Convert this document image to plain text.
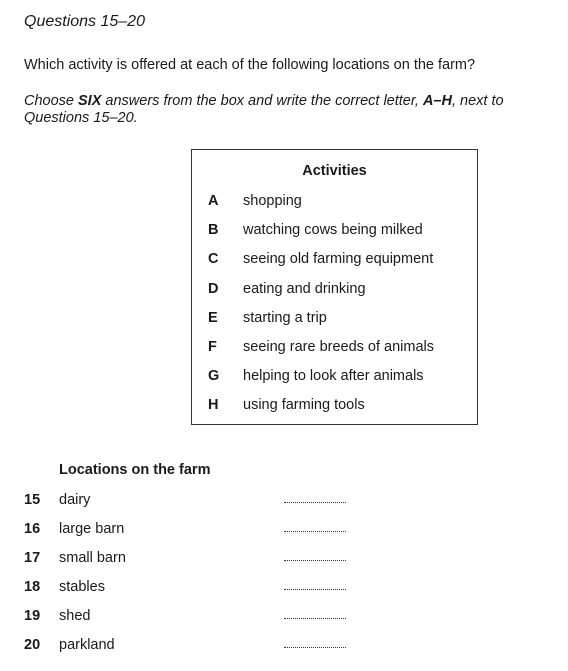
Questions 15–20
Which activity is offered at each of the following locations on the farm?
Choose SIX answers from the box and write the correct letter, A–H, next to Questions 15–20.
Activities
A	shopping
B	watching cows being milked
C	seeing old farming equipment
D	eating and drinking
E	starting a trip
F	seeing rare breeds of animals
G	helping to look after animals
H	using farming tools
Locations on the farm
15 dairy
16 large barn
17 small barn
18 stables
19 shed
20 parkland
